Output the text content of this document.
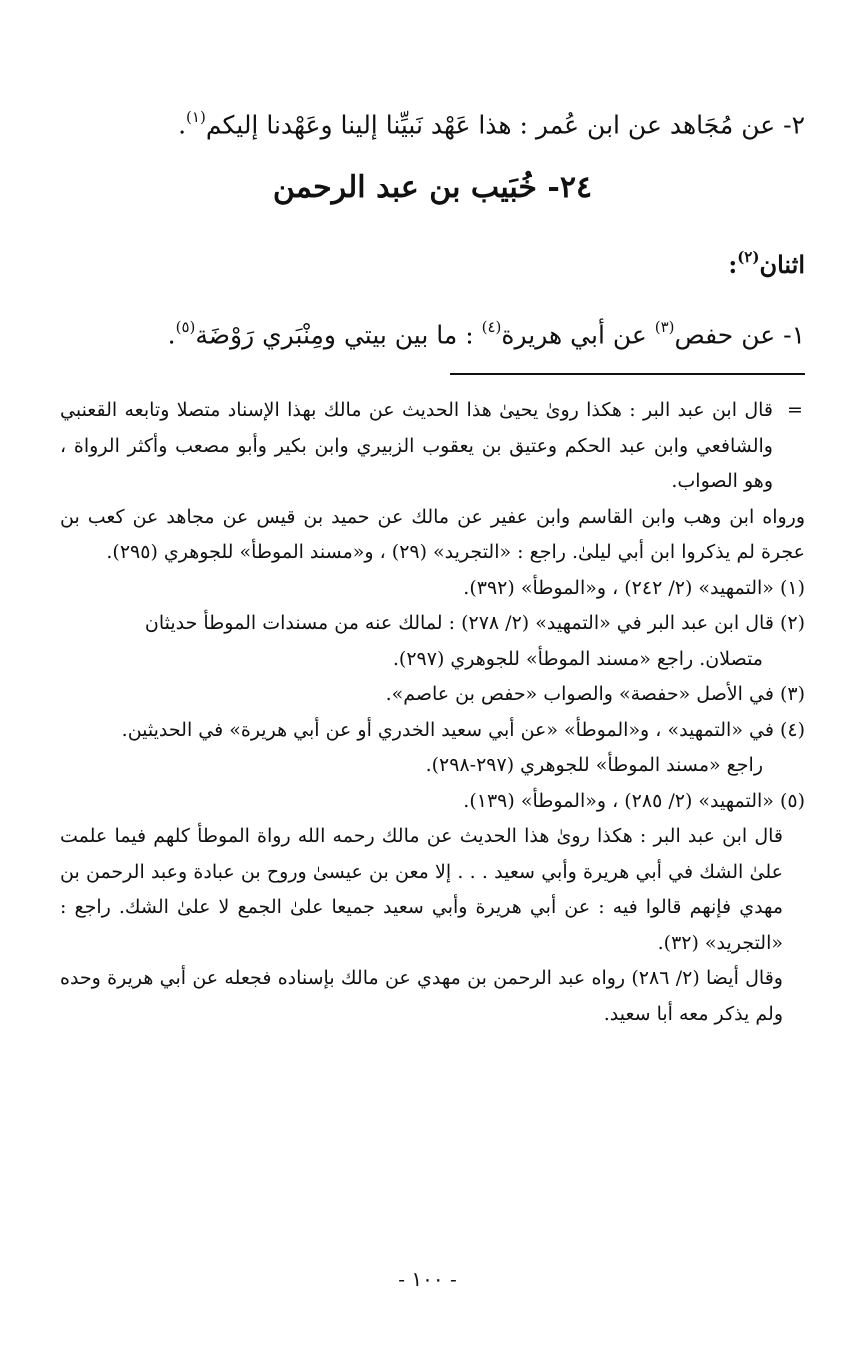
٢- عن مُجَاهد عن ابن عُمر : هذا عَهْد نَبيِّنا إلينا وعَهْدنا إليكم$^{(١)}$.
٢٤- خُبَيب بن عبد الرحمن
اثنان$^{(٢)}$:
١- عن حفص$^{(٣)}$ عن أبي هريرة$^{(٤)}$ : ما بين بيتي ومِنْبَري رَوْضَة$^{(٥)}$.
=
قال ابن عبد البر : هكذا روىٰ يحيىٰ هذا الحديث عن مالك بهذا الإسناد متصلا وتابعه القعنبي والشافعي وابن عبد الحكم وعتيق بن يعقوب الزبيري وابن بكير وأبو مصعب وأكثر الرواة ، وهو الصواب.
ورواه ابن وهب وابن القاسم وابن عفير عن مالك عن حميد بن قيس عن مجاهد عن كعب بن عجرة لم يذكروا ابن أبي ليلىٰ. راجع : «التجريد» (٢٩) ، و«مسند الموطأ» للجوهري (٢٩٥).
(١) «التمهيد» (٢/ ٢٤٢) ، و«الموطأ» (٣٩٢).
(٢) قال ابن عبد البر في «التمهيد» (٢/ ٢٧٨) : لمالك عنه من مسندات الموطأ حديثان
متصلان. راجع «مسند الموطأ» للجوهري (٢٩٧).
(٣) في الأصل «حفصة» والصواب «حفص بن عاصم».
(٤) في «التمهيد» ، و«الموطأ» «عن أبي سعيد الخدري أو عن أبي هريرة» في الحديثين.
راجع «مسند الموطأ» للجوهري (٢٩٧-٢٩٨).
(٥) «التمهيد» (٢/ ٢٨٥) ، و«الموطأ» (١٣٩).
قال ابن عبد البر : هكذا روىٰ هذا الحديث عن مالك رحمه الله رواة الموطأ كلهم فيما علمت علىٰ الشك في أبي هريرة وأبي سعيد . . . إلا معن بن عيسىٰ وروح بن عبادة وعبد الرحمن بن مهدي فإنهم قالوا فيه : عن أبي هريرة وأبي سعيد جميعا علىٰ الجمع لا علىٰ الشك. راجع : «التجريد» (٣٢).
وقال أيضا (٢/ ٢٨٦) رواه عبد الرحمن بن مهدي عن مالك بإسناده فجعله عن أبي هريرة وحده ولم يذكر معه أبا سعيد.
- ١٠٠ -
